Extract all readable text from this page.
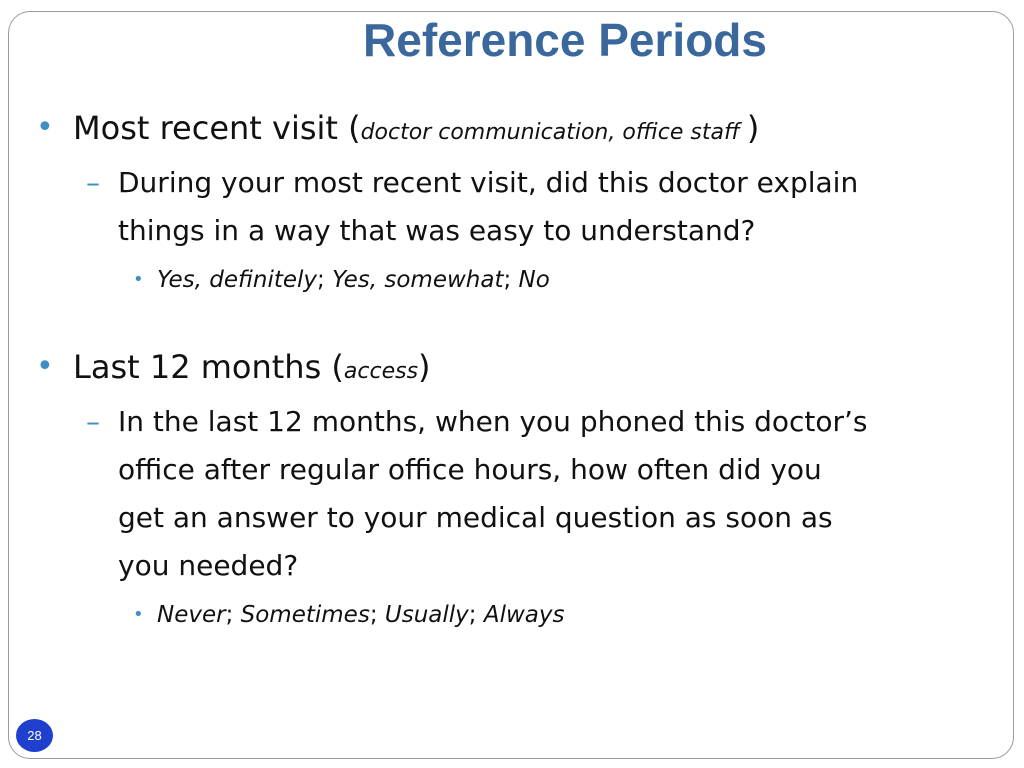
Reference Periods
• Most recent visit (doctor communication, office staff )
– During your most recent visit, did this doctor explain
things in a way that was easy to understand?
• Yes, definitely; Yes, somewhat; No
• Last 12 months (access)
– In the last 12 months, when you phoned this doctor’s
office after regular office hours, how often did you
get an answer to your medical question as soon as
you needed?
• Never; Sometimes; Usually; Always
28
